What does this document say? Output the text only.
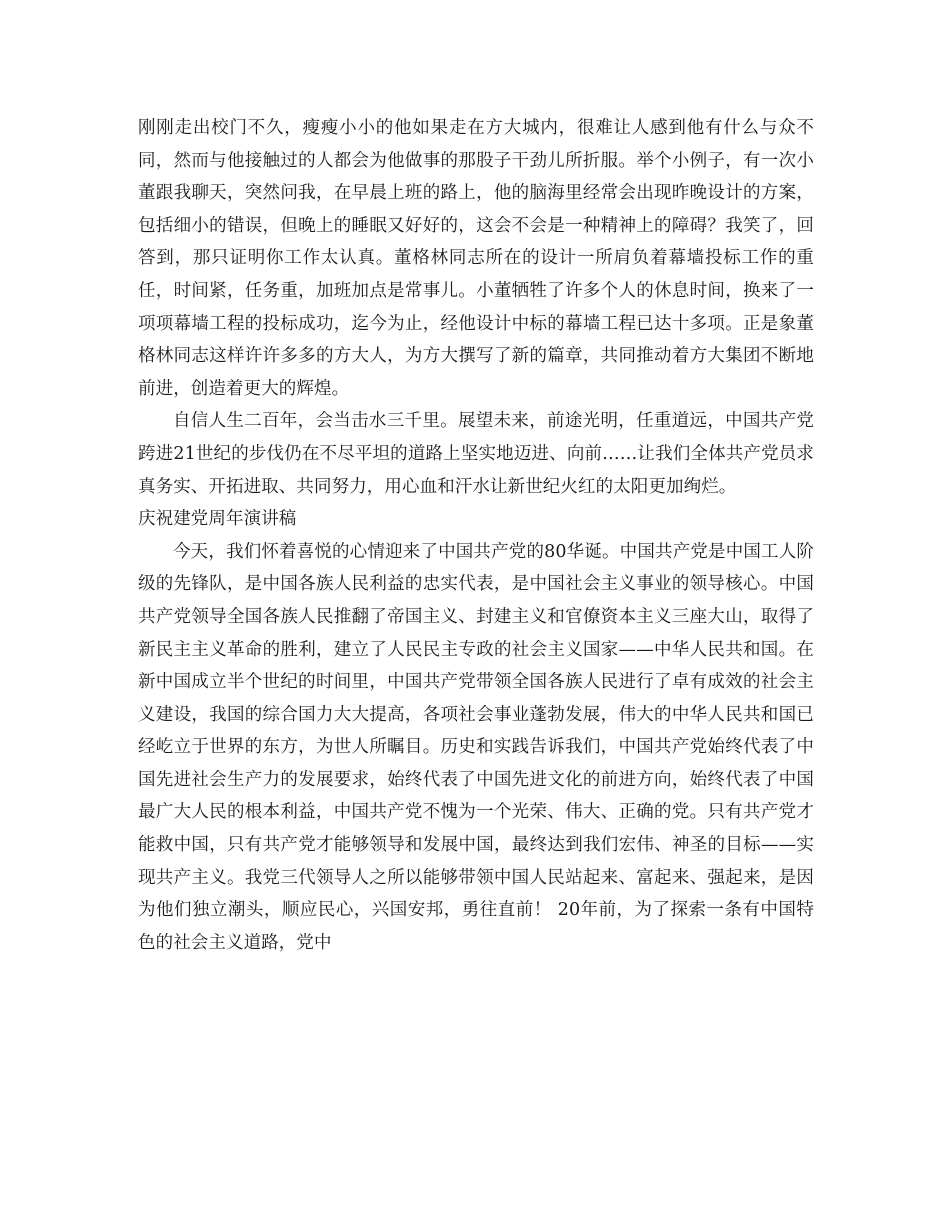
刚刚走出校门不久，瘦瘦小小的他如果走在方大城内，很难让人感到他有什么与众不同，然而与他接触过的人都会为他做事的那股子干劲儿所折服。举个小例子，有一次小董跟我聊天，突然问我，在早晨上班的路上，他的脑海里经常会出现昨晚设计的方案，包括细小的错误，但晚上的睡眠又好好的，这会不会是一种精神上的障碍？我笑了，回答到，那只证明你工作太认真。董格林同志所在的设计一所肩负着幕墙投标工作的重任，时间紧，任务重，加班加点是常事儿。小董牺牲了许多个人的休息时间，换来了一项项幕墙工程的投标成功，迄今为止，经他设计中标的幕墙工程已达十多项。正是象董格林同志这样许许多多的方大人，为方大撰写了新的篇章，共同推动着方大集团不断地前进，创造着更大的辉煌。

自信人生二百年，会当击水三千里。展望未来，前途光明，任重道远，中国共产党跨进21世纪的步伐仍在不尽平坦的道路上坚实地迈进、向前……让我们全体共产党员求真务实、开拓进取、共同努力，用心血和汗水让新世纪火红的太阳更加绚烂。

庆祝建党周年演讲稿

今天，我们怀着喜悦的心情迎来了中国共产党的80华诞。中国共产党是中国工人阶级的先锋队，是中国各族人民利益的忠实代表，是中国社会主义事业的领导核心。中国共产党领导全国各族人民推翻了帝国主义、封建主义和官僚资本主义三座大山，取得了新民主主义革命的胜利，建立了人民民主专政的社会主义国家——中华人民共和国。在新中国成立半个世纪的时间里，中国共产党带领全国各族人民进行了卓有成效的社会主义建设，我国的综合国力大大提高，各项社会事业蓬勃发展，伟大的中华人民共和国已经屹立于世界的东方，为世人所瞩目。历史和实践告诉我们，中国共产党始终代表了中国先进社会生产力的发展要求，始终代表了中国先进文化的前进方向，始终代表了中国最广大人民的根本利益，中国共产党不愧为一个光荣、伟大、正确的党。只有共产党才能救中国，只有共产党才能够领导和发展中国，最终达到我们宏伟、神圣的目标——实现共产主义。我党三代领导人之所以能够带领中国人民站起来、富起来、强起来，是因为他们独立潮头，顺应民心，兴国安邦，勇往直前！ 20年前，为了探索一条有中国特色的社会主义道路，党中
